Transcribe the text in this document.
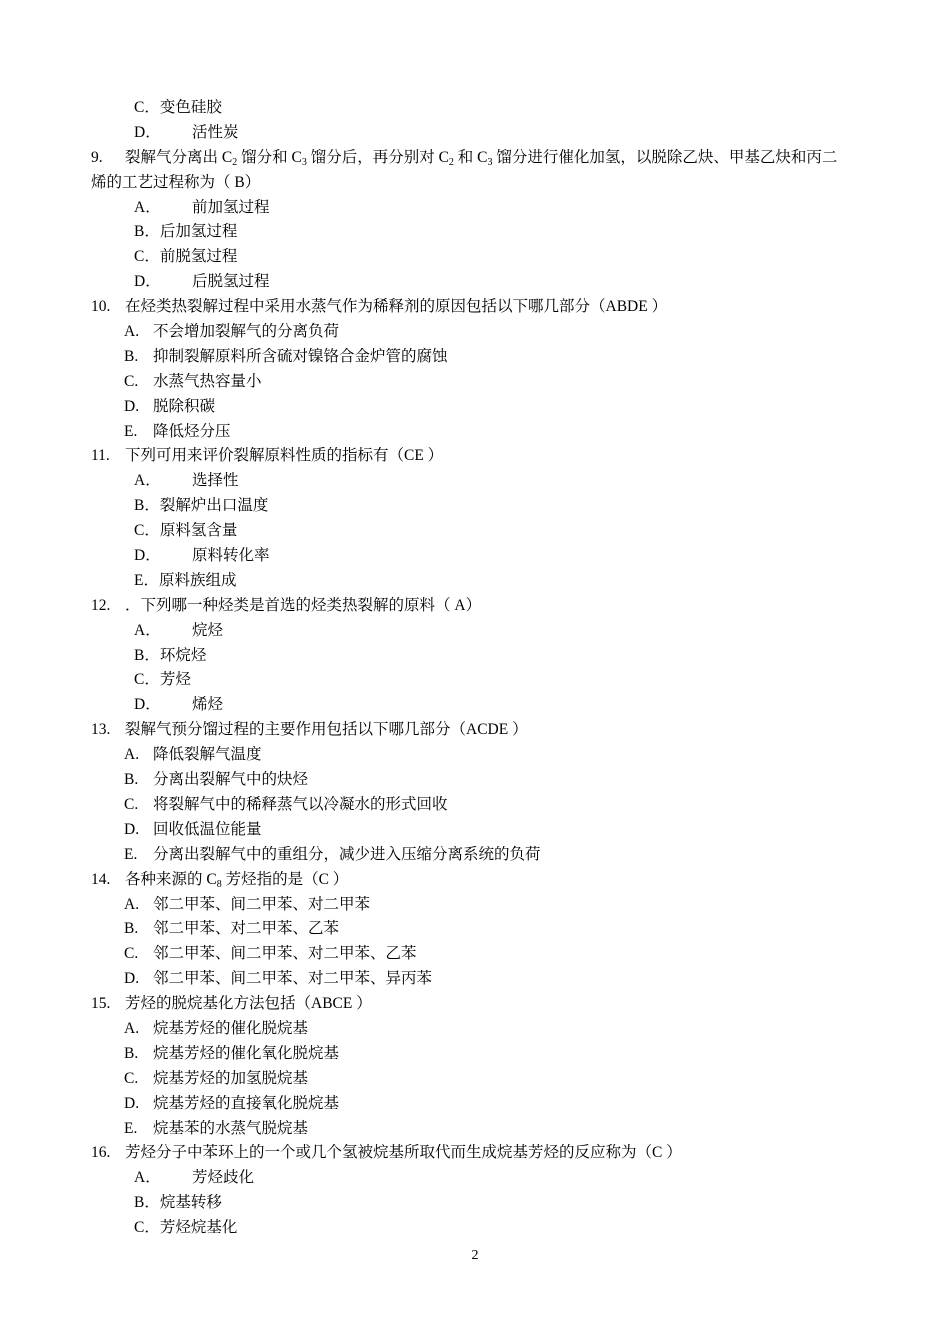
C．变色硅胶
D． 活性炭
9. 裂解气分离出 $C_2$ 馏分和 $C_3$ 馏分后，再分别对 $C_2$ 和 $C_3$ 馏分进行催化加氢，以脱除乙炔、甲基乙炔和丙二
烯的工艺过程称为（ B）
A． 前加氢过程
B．后加氢过程
C．前脱氢过程
D． 后脱氢过程
10. 在烃类热裂解过程中采用水蒸气作为稀释剂的原因包括以下哪几部分（ABDE ）
A. 不会增加裂解气的分离负荷
B. 抑制裂解原料所含硫对镍铬合金炉管的腐蚀
C. 水蒸气热容量小
D. 脱除积碳
E. 降低烃分压
11. 下列可用来评价裂解原料性质的指标有（CE ）
A． 选择性
B．裂解炉出口温度
C．原料氢含量
D． 原料转化率
E．原料族组成
12. ．下列哪一种烃类是首选的烃类热裂解的原料（ A）
A． 烷烃
B．环烷烃
C．芳烃
D． 烯烃
13. 裂解气预分馏过程的主要作用包括以下哪几部分（ACDE ）
A. 降低裂解气温度
B. 分离出裂解气中的炔烃
C. 将裂解气中的稀释蒸气以冷凝水的形式回收
D. 回收低温位能量
E. 分离出裂解气中的重组分，减少进入压缩分离系统的负荷
14. 各种来源的 $C_8$ 芳烃指的是（C ）
A. 邻二甲苯、间二甲苯、对二甲苯
B. 邻二甲苯、对二甲苯、乙苯
C. 邻二甲苯、间二甲苯、对二甲苯、乙苯
D. 邻二甲苯、间二甲苯、对二甲苯、异丙苯
15. 芳烃的脱烷基化方法包括（ABCE ）
A. 烷基芳烃的催化脱烷基
B. 烷基芳烃的催化氧化脱烷基
C. 烷基芳烃的加氢脱烷基
D. 烷基芳烃的直接氧化脱烷基
E. 烷基苯的水蒸气脱烷基
16. 芳烃分子中苯环上的一个或几个氢被烷基所取代而生成烷基芳烃的反应称为（C ）
A． 芳烃歧化
B．烷基转移
C．芳烃烷基化
2
